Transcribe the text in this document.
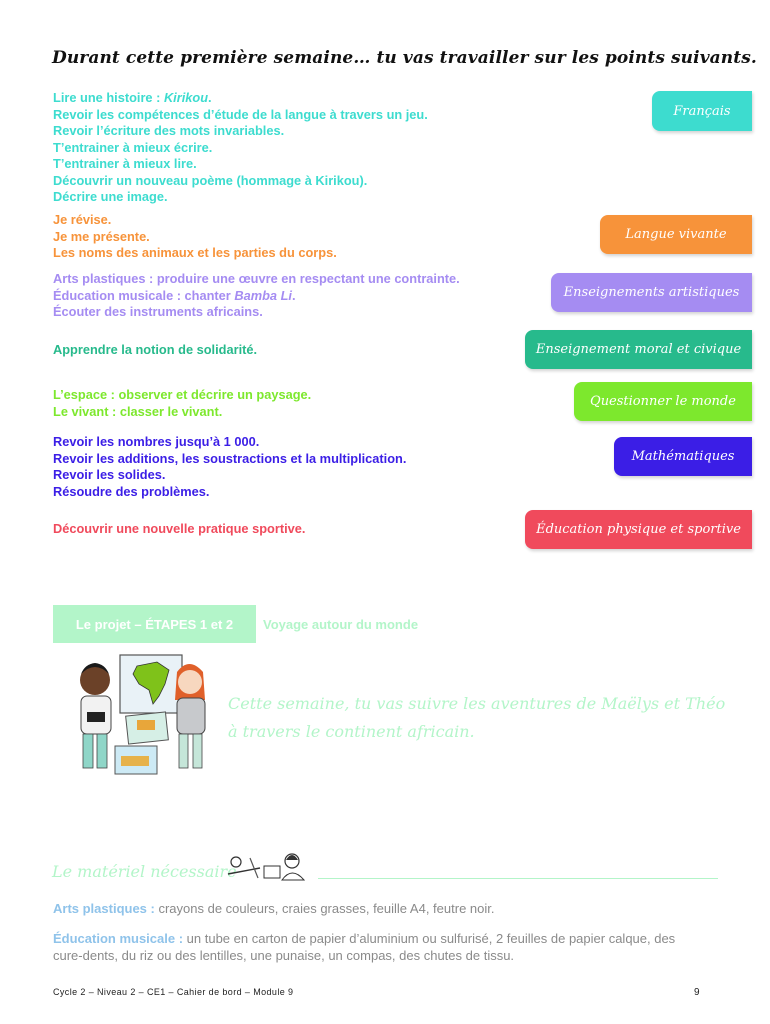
Durant cette première semaine… tu vas travailler sur les points suivants.
Lire une histoire : Kirikou.
Revoir les compétences d’étude de la langue à travers un jeu.
Revoir l’écriture des mots invariables.
T’entrainer à mieux écrire.
T’entrainer à mieux lire.
Découvrir un nouveau poème (hommage à Kirikou).
Décrire une image.
Français
Je révise.
Je me présente.
Les noms des animaux et les parties du corps.
Langue vivante
Arts plastiques : produire une œuvre en respectant une contrainte.
Éducation musicale : chanter Bamba Li.
Écouter des instruments africains.
Enseignements artistiques
Apprendre la notion de solidarité.	Enseignement moral et civique
L’espace : observer et décrire un paysage.
Le vivant : classer le vivant.
Questionner le monde
Revoir les nombres jusqu’à 1 000.
Revoir les additions, les soustractions et la multiplication.
Revoir les solides.
Résoudre des problèmes.
Mathématiques
Découvrir une nouvelle pratique sportive.	Éducation physique et sportive
Le projet – ÉTAPES 1 et 2	Voyage autour du monde
Cette semaine, tu vas suivre les aventures de Maëlys et Théo à travers le continent africain.
Le matériel nécessaire
Arts plastiques : crayons de couleurs, craies grasses, feuille A4, feutre noir.
Éducation musicale : un tube en carton de papier d’aluminium ou sulfurisé, 2 feuilles de papier calque, des cure-dents, du riz ou des lentilles, une punaise, un compas, des chutes de tissu.
Cycle 2 – Niveau 2 – CE1 – Cahier de bord – Module 9	9
